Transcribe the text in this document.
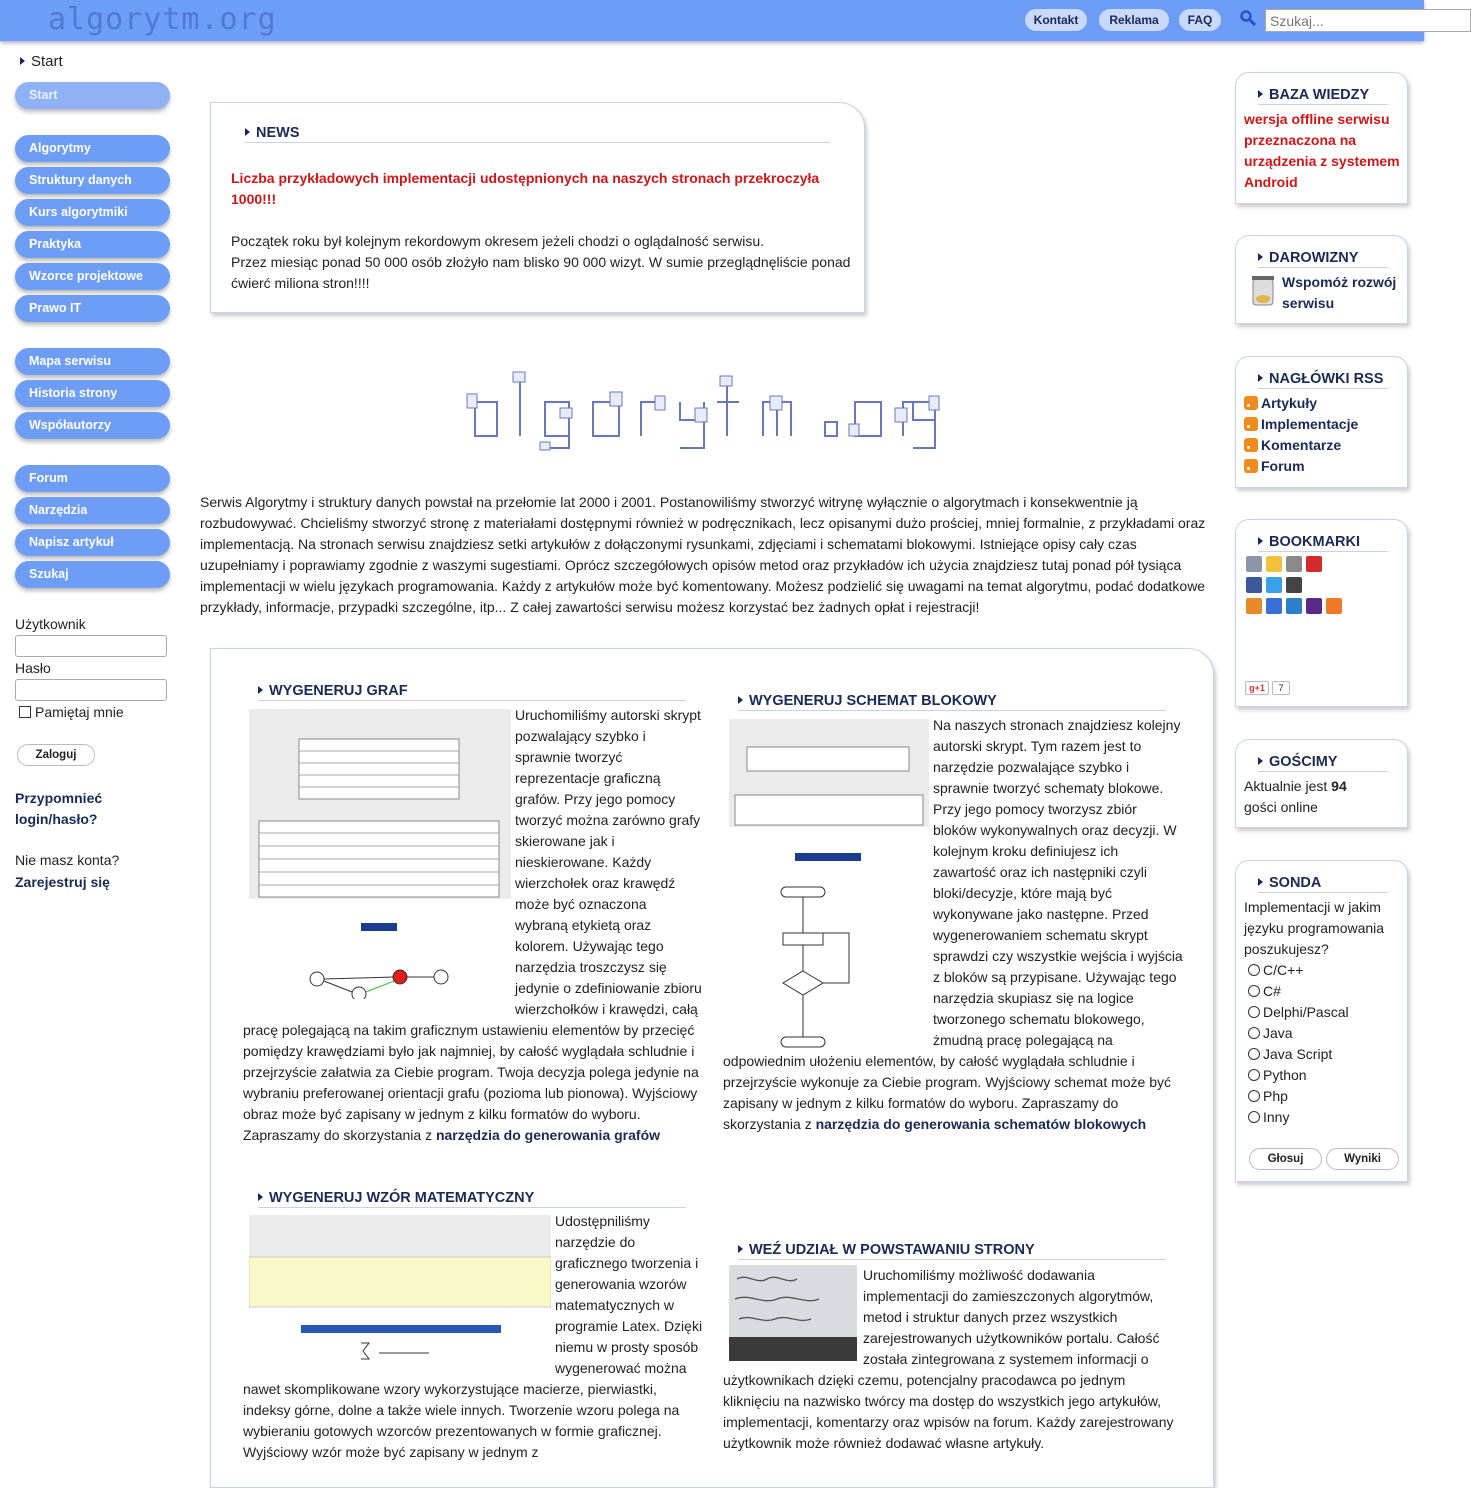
algorytm.org	Kontakt	Reklama	FAQ
Szukaj...
Start
Start
Algorytmy
Struktury danych
Kurs algorytmiki
Praktyka
Wzorce projektowe
Prawo IT
Mapa serwisu
Historia strony
Współautorzy
Forum
Narzędzia
Napisz artykuł
Szukaj
Użytkownik
Hasło
Pamiętaj mnie
Zaloguj
Przypomnieć
login/hasło?
Nie masz konta?
Zarejestruj się
NEWS
Liczba przykładowych implementacji udostępnionych na naszych stronach przekroczyła 1000!!!
Początek roku był kolejnym rekordowym okresem jeżeli chodzi o oglądalność serwisu.
Przez miesiąc ponad 50 000 osób złożyło nam blisko 90 000 wizyt. W sumie przeglądnęliście ponad ćwierć miliona stron!!!!
Serwis Algorytmy i struktury danych powstał na przełomie lat 2000 i 2001. Postanowiliśmy stworzyć witrynę wyłącznie o algorytmach i konsekwentnie ją rozbudowywać. Chcieliśmy stworzyć stronę z materiałami dostępnymi również w podręcznikach, lecz opisanymi dużo prościej, mniej formalnie, z przykładami oraz implementacją. Na stronach serwisu znajdziesz setki artykułów z dołączonymi rysunkami, zdjęciami i schematami blokowymi. Istniejące opisy cały czas uzupełniamy i poprawiamy zgodnie z waszymi sugestiami. Oprócz szczegółowych opisów metod oraz przykładów ich użycia znajdziesz tutaj ponad pół tysiąca implementacji w wielu językach programowania. Każdy z artykułów może być komentowany. Możesz podzielić się uwagami na temat algorytmu, podać dodatkowe przykłady, informacje, przypadki szczególne, itp... Z całej zawartości serwisu możesz korzystać bez żadnych opłat i rejestracji!
WYGENERUJ GRAF
Uruchomiliśmy autorski skrypt pozwalający szybko i sprawnie tworzyć reprezentacje graficzną grafów. Przy jego pomocy tworzyć można zarówno grafy skierowane jak i nieskierowane. Każdy wierzchołek oraz krawędź może być oznaczona wybraną etykietą oraz kolorem. Używając tego narzędzia troszczysz się jedynie o zdefiniowanie zbioru wierzchołków i krawędzi, całą pracę polegającą na takim graficznym ustawieniu elementów by przecięć pomiędzy krawędziami było jak najmniej, by całość wyglądała schludnie i przejrzyście załatwia za Ciebie program. Twoja decyzja polega jedynie na wybraniu preferowanej orientacji grafu (pozioma lub pionowa). Wyjściowy obraz może być zapisany w jednym z kilku formatów do wyboru. Zapraszamy do skorzystania z narzędzia do generowania grafów
WYGENERUJ SCHEMAT BLOKOWY
Na naszych stronach znajdziesz kolejny autorski skrypt. Tym razem jest to narzędzie pozwalające szybko i sprawnie tworzyć schematy blokowe. Przy jego pomocy tworzysz zbiór bloków wykonywalnych oraz decyzji. W kolejnym kroku definiujesz ich zawartość oraz ich następniki czyli bloki/decyzje, które mają być wykonywane jako następne. Przed wygenerowaniem schematu skrypt sprawdzi czy wszystkie wejścia i wyjścia z bloków są przypisane. Używając tego narzędzia skupiasz się na logice tworzonego schematu blokowego, żmudną pracę polegającą na odpowiednim ułożeniu elementów, by całość wyglądała schludnie i przejrzyście wykonuje za Ciebie program. Wyjściowy schemat może być zapisany w jednym z kilku formatów do wyboru. Zapraszamy do skorzystania z narzędzia do generowania schematów blokowych
WYGENERUJ WZÓR MATEMATYCZNY
Udostępniliśmy narzędzie do graficznego tworzenia i generowania wzorów matematycznych w programie Latex. Dzięki niemu w prosty sposób wygenerować można nawet skomplikowane wzory wykorzystujące macierze, pierwiastki, indeksy górne, dolne a także wiele innych. Tworzenie wzoru polega na wybieraniu gotowych wzorców prezentowanych w formie graficznej. Wyjściowy wzór może być zapisany w jednym z
WEŹ UDZIAŁ W POWSTAWANIU STRONY
Uruchomiliśmy możliwość dodawania implementacji do zamieszczonych algorytmów, metod i struktur danych przez wszystkich zarejestrowanych użytkowników portalu. Całość została zintegrowana z systemem informacji o użytkownikach dzięki czemu, potencjalny pracodawca po jednym kliknięciu na nazwisko twórcy ma dostęp do wszystkich jego artykułów, implementacji, komentarzy oraz wpisów na forum. Każdy zarejestrowany użytkownik może również dodawać własne artykuły.
BAZA WIEDZY
wersja offline serwisu przeznaczona na urządzenia z systemem Android
DAROWIZNY
Wspomóż rozwój serwisu
NAGŁÓWKI RSS
Artykuły
Implementacje
Komentarze
Forum
BOOKMARKI
g+1	7
GOŚCIMY
Aktualnie jest 94
gości online
SONDA
Implementacji w jakim języku programowania poszukujesz?
C/C++
C#
Delphi/Pascal
Java
Java Script
Python
Php
Inny
Głosuj	Wyniki
